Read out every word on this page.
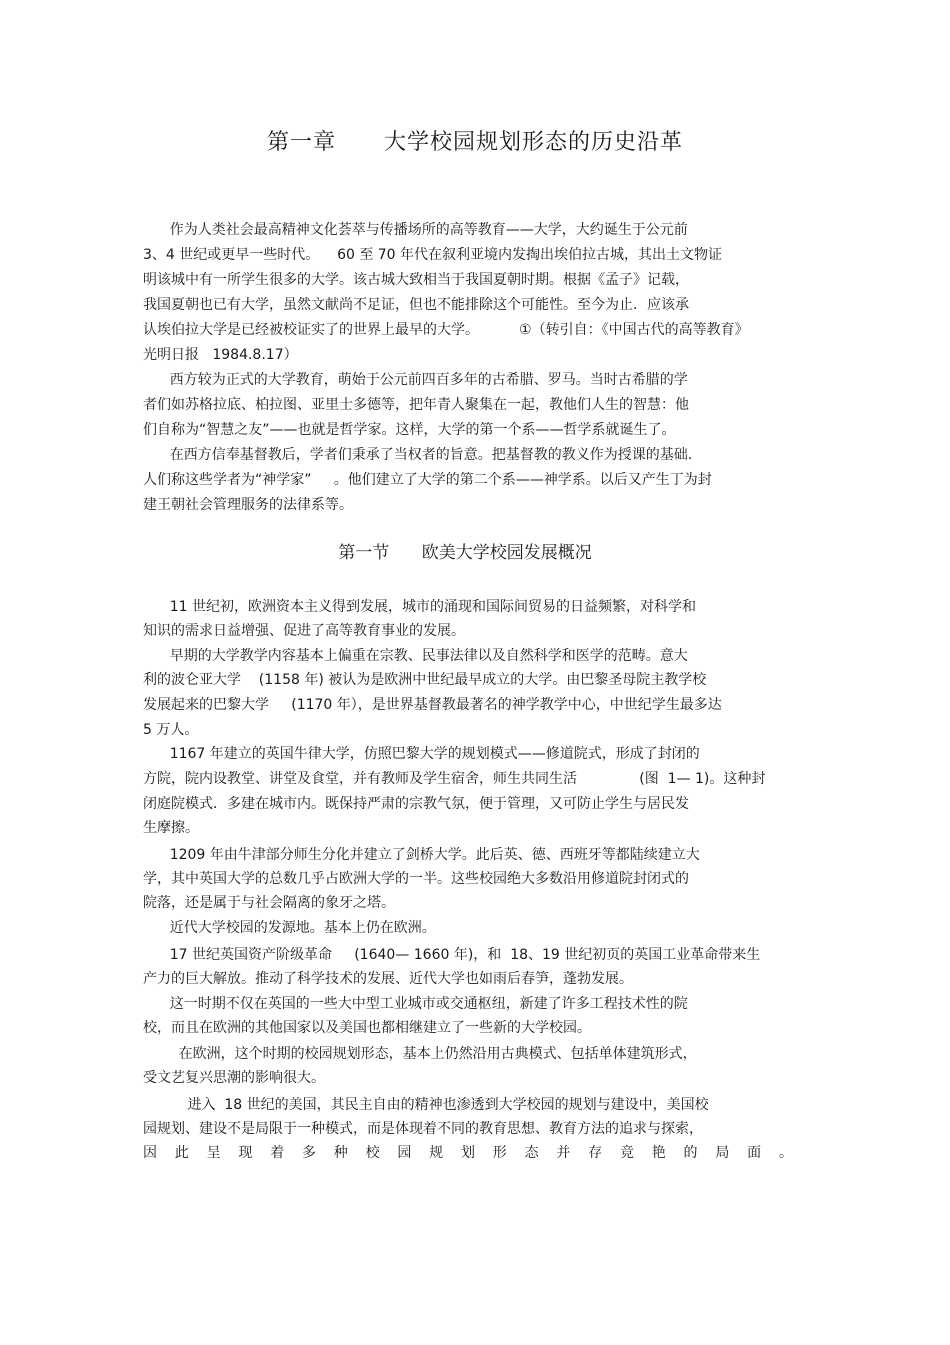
第一章      大学校园规划形态的历史沿革
作为人类社会最高精神文化荟萃与传播场所的高等教育——大学，大约诞生于公元前
3、4 世纪或更早一些时代。    60 至 70 年代在叙利亚境内发掏出埃伯拉古城，其出土文物证
明该城中有一所学生很多的大学。该古城大致相当于我国夏朝时期。根据《孟子》记载，
我国夏朝也已有大学，虽然文献尚不足证，但也不能排除这个可能性。至今为止．应该承
认埃伯拉大学是已经被校证实了的世界上最早的大学。         ①（转引自：《中国古代的高等教育》
光明日报   1984.8.17）
西方较为正式的大学教育，萌始于公元前四百多年的古希腊、罗马。当时古希腊的学
者们如苏格拉底、柏拉图、亚里士多德等，把年青人聚集在一起，教他们人生的智慧：他
们自称为“智慧之友”——也就是哲学家。这样，大学的第一个系——哲学系就诞生了。
在西方信奉基督教后，学者们秉承了当权者的旨意。把基督教的教义作为授课的基础.
人们称这些学者为“神学家”     。他们建立了大学的第二个系——神学系。以后又产生丁为封
建王朝社会管理服务的法律系等。
第一节      欧美大学校园发展概况
11 世纪初，欧洲资本主义得到发展，城市的涌现和国际间贸易的日益频繁，对科学和
知识的需求日益增强、促进了高等教育事业的发展。
早期的大学教学内容基本上偏重在宗教、民事法律以及自然科学和医学的范畴。意大
利的波仑亚大学    (1158 年) 被认为是欧洲中世纪最早成立的大学。由巴黎圣母院主教学校
发展起来的巴黎大学     (1170 年），是世界基督教最著名的神学教学中心，中世纪学生最多达
5 万人。
1167 年建立的英国牛律大学，仿照巴黎大学的规划模式——修道院式，形成了封闭的
方院，院内设教堂、讲堂及食堂，并有教师及学生宿舍，师生共同生活              (图  1— 1)。这种封
闭庭院模式．多建在城市内。既保持严肃的宗教气氛，便于管理，又可防止学生与居民发
生摩擦。
1209 年由牛津部分师生分化并建立了剑桥大学。此后英、德、西班牙等都陆续建立大
学，其中英国大学的总数几乎占欧洲大学的一半。这些校园绝大多数沿用修道院封闭式的
院落，还是属于与社会隔离的象牙之塔。
近代大学校园的发源地。基本上仍在欧洲。
17 世纪英国资产阶级革命     (1640— 1660 年)，和  18、19 世纪初页的英国工业革命带来生
产力的巨大解放。推动了科学技术的发展、近代大学也如雨后春笋，蓬勃发展。
这一时期不仅在英国的一些大中型工业城市或交通枢纽，新建了许多工程技术性的院
校，而且在欧洲的其他国家以及美国也都相继建立了一些新的大学校园。
在欧洲，这个时期的校园规划形态，基本上仍然沿用古典模式、包括单体建筑形式，
受文艺复兴思潮的影响很大。
进入  18 世纪的美国，其民主自由的精神也渗透到大学校园的规划与建设中，美国校
园规划、建设不是局限于一种模式，而是体现着不同的教育思想、教育方法的追求与探索，
因 此 呈 现 着 多 种 校 园 规 划 形 态 并 存 竞 艳 的 局 面 。
